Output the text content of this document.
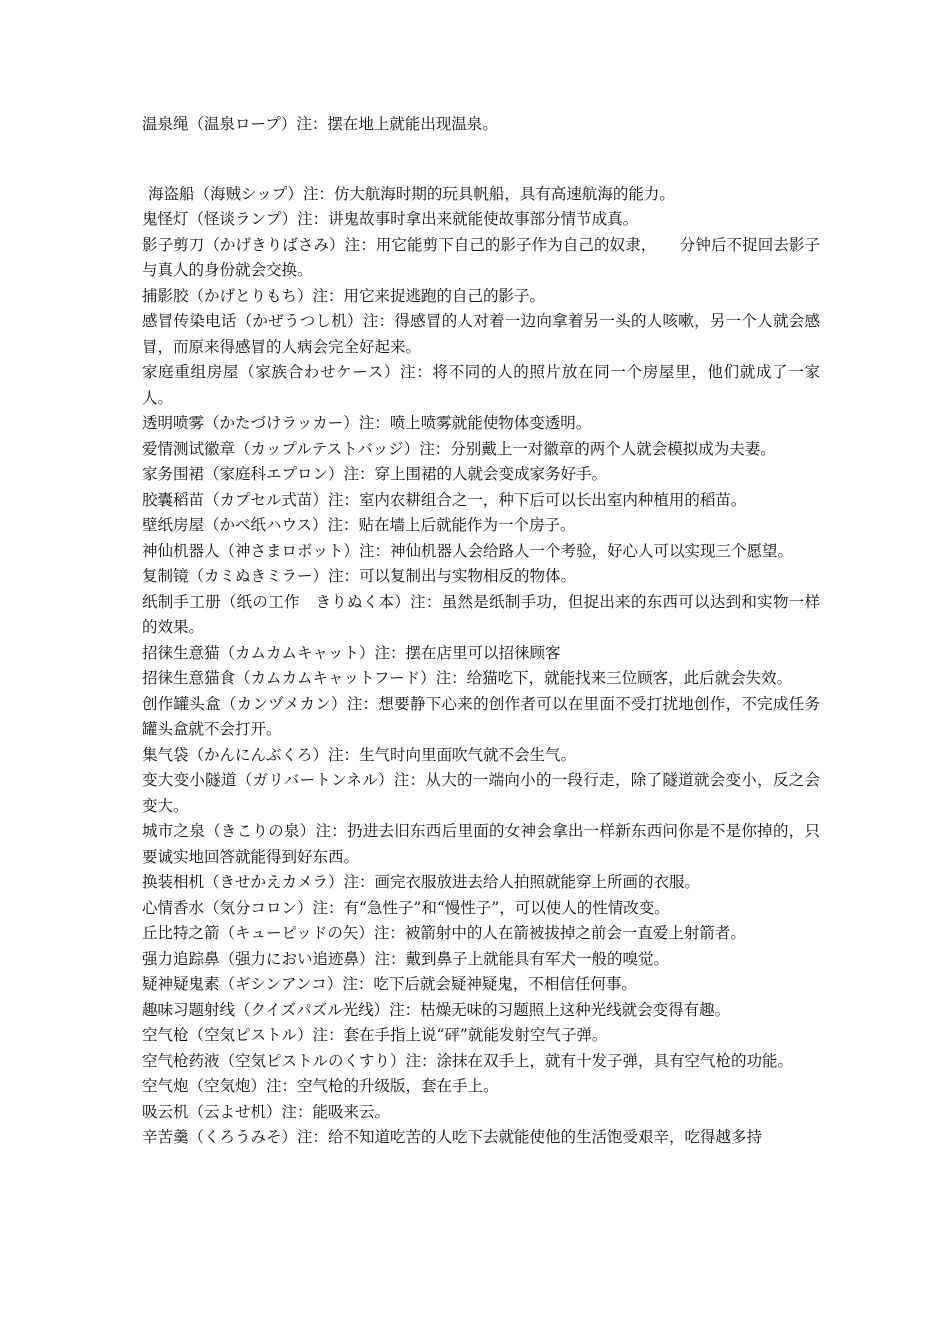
温泉绳（温泉ロープ）注：摆在地上就能出现温泉。

海盗船（海贼シップ）注：仿大航海时期的玩具帆船，具有高速航海的能力。

鬼怪灯（怪谈ランプ）注：讲鬼故事时拿出来就能使故事部分情节成真。

影子剪刀（かげきりばさみ）注：用它能剪下自己的影子作为自己的奴隶，　　分钟后不捉回去影子与真人的身份就会交换。

捕影胶（かげとりもち）注：用它来捉逃跑的自己的影子。

感冒传染电话（かぜうつし机）注：得感冒的人对着一边向拿着另一头的人咳嗽，另一个人就会感冒，而原来得感冒的人病会完全好起来。

家庭重组房屋（家族合わせケース）注：将不同的人的照片放在同一个房屋里，他们就成了一家人。

透明喷雾（かたづけラッカー）注：喷上喷雾就能使物体变透明。

爱情测试徽章（カップルテストバッジ）注：分别戴上一对徽章的两个人就会模拟成为夫妻。

家务围裙（家庭科エプロン）注：穿上围裙的人就会变成家务好手。

胶囊稻苗（カプセル式苗）注：室内农耕组合之一，种下后可以长出室内种植用的稻苗。

壁纸房屋（かべ纸ハウス）注：贴在墙上后就能作为一个房子。

神仙机器人（神さまロボット）注：神仙机器人会给路人一个考验，好心人可以实现三个愿望。

复制镜（カミぬきミラー）注：可以复制出与实物相反的物体。

纸制手工册（纸の工作　きりぬく本）注：虽然是纸制手功，但捉出来的东西可以达到和实物一样的效果。

招徕生意猫（カムカムキャット）注：摆在店里可以招徕顾客

招徕生意猫食（カムカムキャットフード）注：给猫吃下，就能找来三位顾客，此后就会失效。

创作罐头盒（カンヅメカン）注：想要静下心来的创作者可以在里面不受打扰地创作，不完成任务罐头盒就不会打开。

集气袋（かんにんぶくろ）注：生气时向里面吹气就不会生气。

变大变小隧道（ガリバートンネル）注：从大的一端向小的一段行走，除了隧道就会变小，反之会变大。

城市之泉（きこりの泉）注：扔进去旧东西后里面的女神会拿出一样新东西问你是不是你掉的，只要诚实地回答就能得到好东西。

换装相机（きせかえカメラ）注：画完衣服放进去给人拍照就能穿上所画的衣服。

心情香水（気分コロン）注：有“急性子”和“慢性子”，可以使人的性情改变。

丘比特之箭（キューピッドの矢）注：被箭射中的人在箭被拔掉之前会一直爱上射箭者。

强力追踪鼻（强力におい追迹鼻）注：戴到鼻子上就能具有军犬一般的嗅觉。

疑神疑鬼素（ギシンアンコ）注：吃下后就会疑神疑鬼，不相信任何事。

趣味习题射线（クイズパズル光线）注：枯燥无味的习题照上这种光线就会变得有趣。

空气枪（空気ピストル）注：套在手指上说“砰”就能发射空气子弹。

空气枪药液（空気ピストルのくすり）注：涂抹在双手上，就有十发子弹，具有空气枪的功能。

空气炮（空気炮）注：空气枪的升级版，套在手上。

吸云机（云よせ机）注：能吸来云。

辛苦羹（くろうみそ）注：给不知道吃苦的人吃下去就能使他的生活饱受艰辛，吃得越多持
